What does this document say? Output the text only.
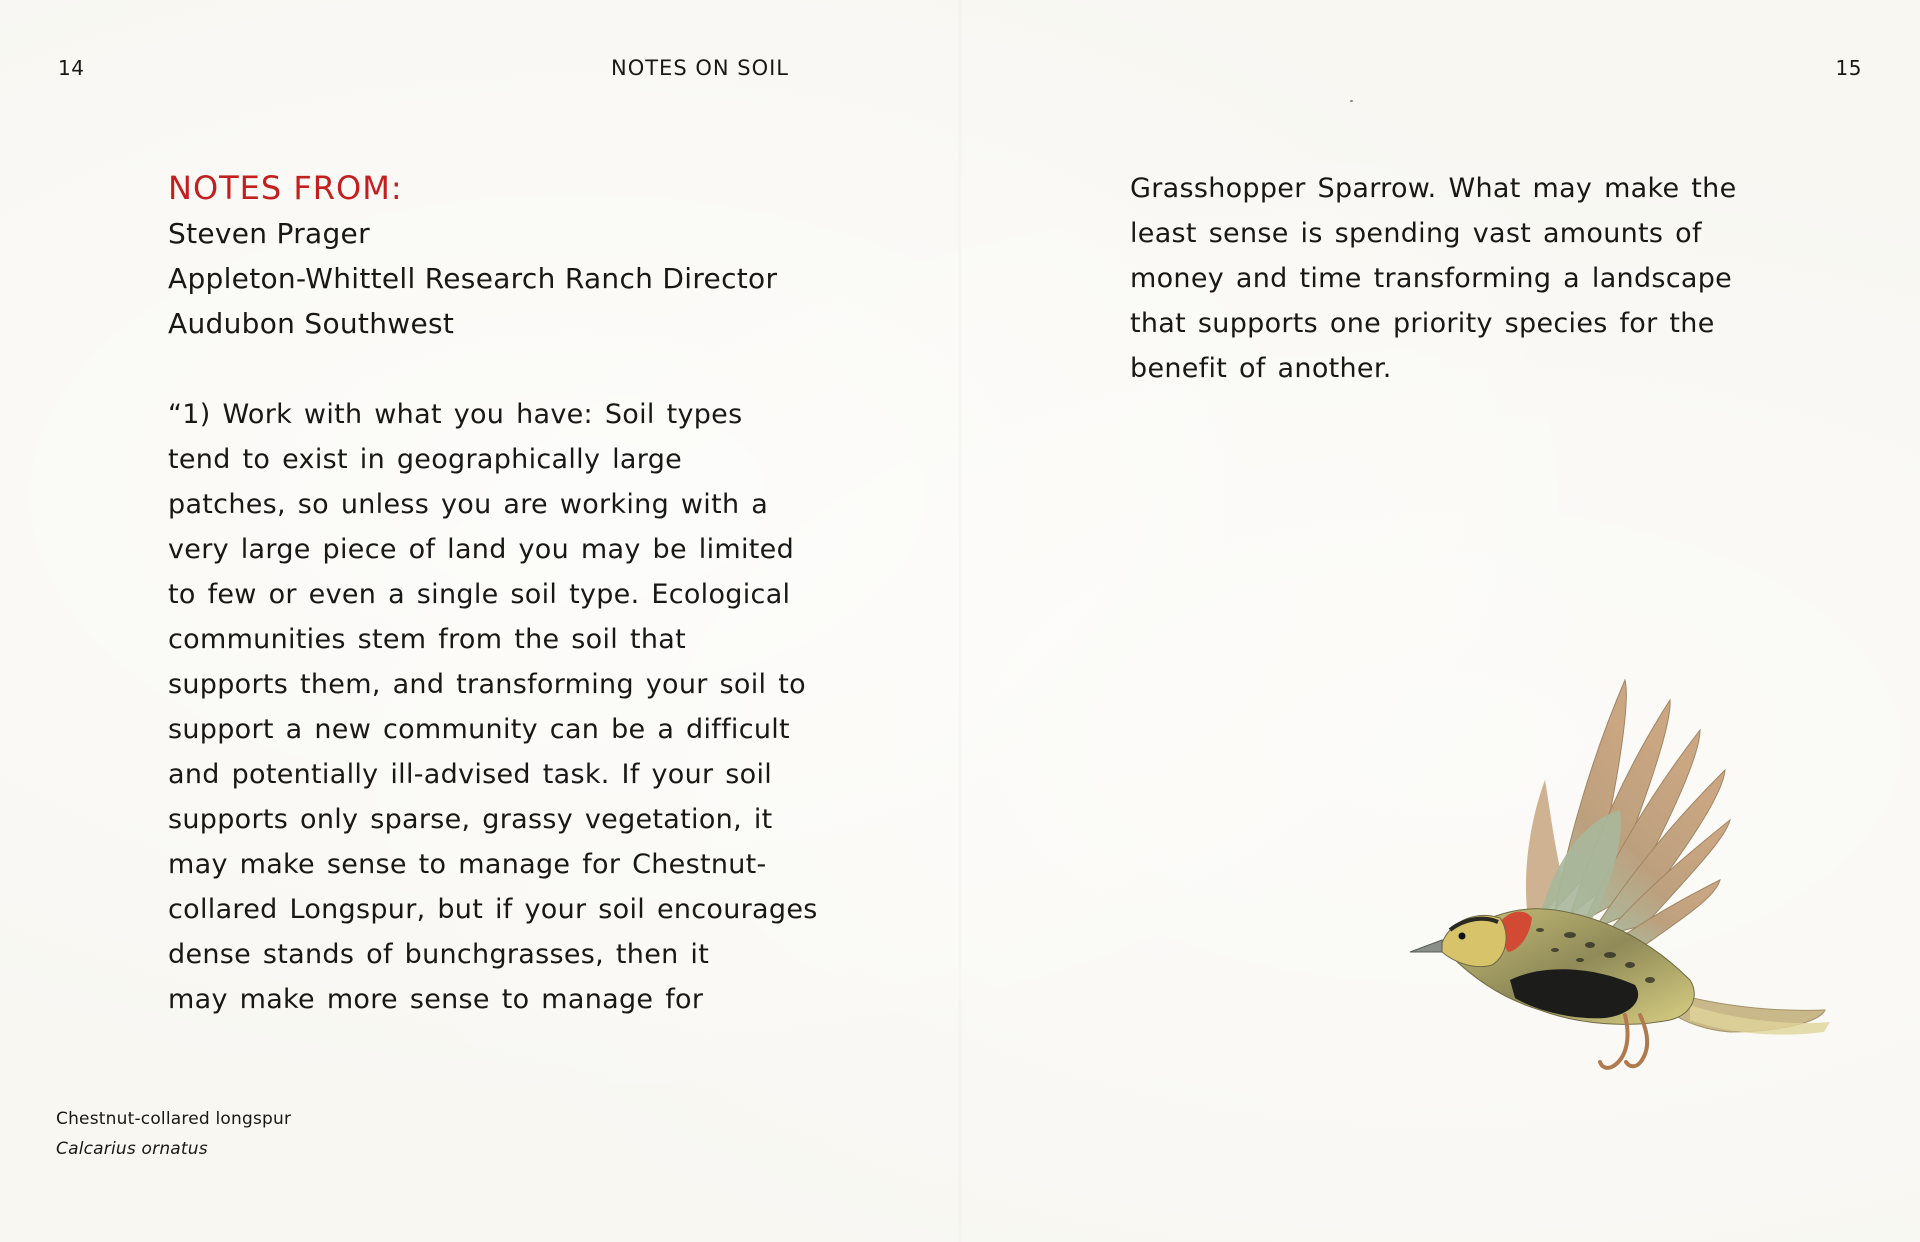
14	NOTES ON SOIL	15
NOTES FROM:
Steven Prager
Appleton-Whittell Research Ranch Director
Audubon Southwest
“1) Work with what you have: Soil types
tend to exist in geographically large
patches, so unless you are working with a
very large piece of land you may be limited
to few or even a single soil type. Ecological
communities stem from the soil that
supports them, and transforming your soil to
support a new community can be a difficult
and potentially ill-advised task. If your soil
supports only sparse, grassy vegetation, it
may make sense to manage for Chestnut-
collared Longspur, but if your soil encourages
dense stands of bunchgrasses, then it
may make more sense to manage for
Grasshopper Sparrow. What may make the
least sense is spending vast amounts of
money and time transforming a landscape
that supports one priority species for the
benefit of another.
Chestnut-collared longspur
Calcarius ornatus
